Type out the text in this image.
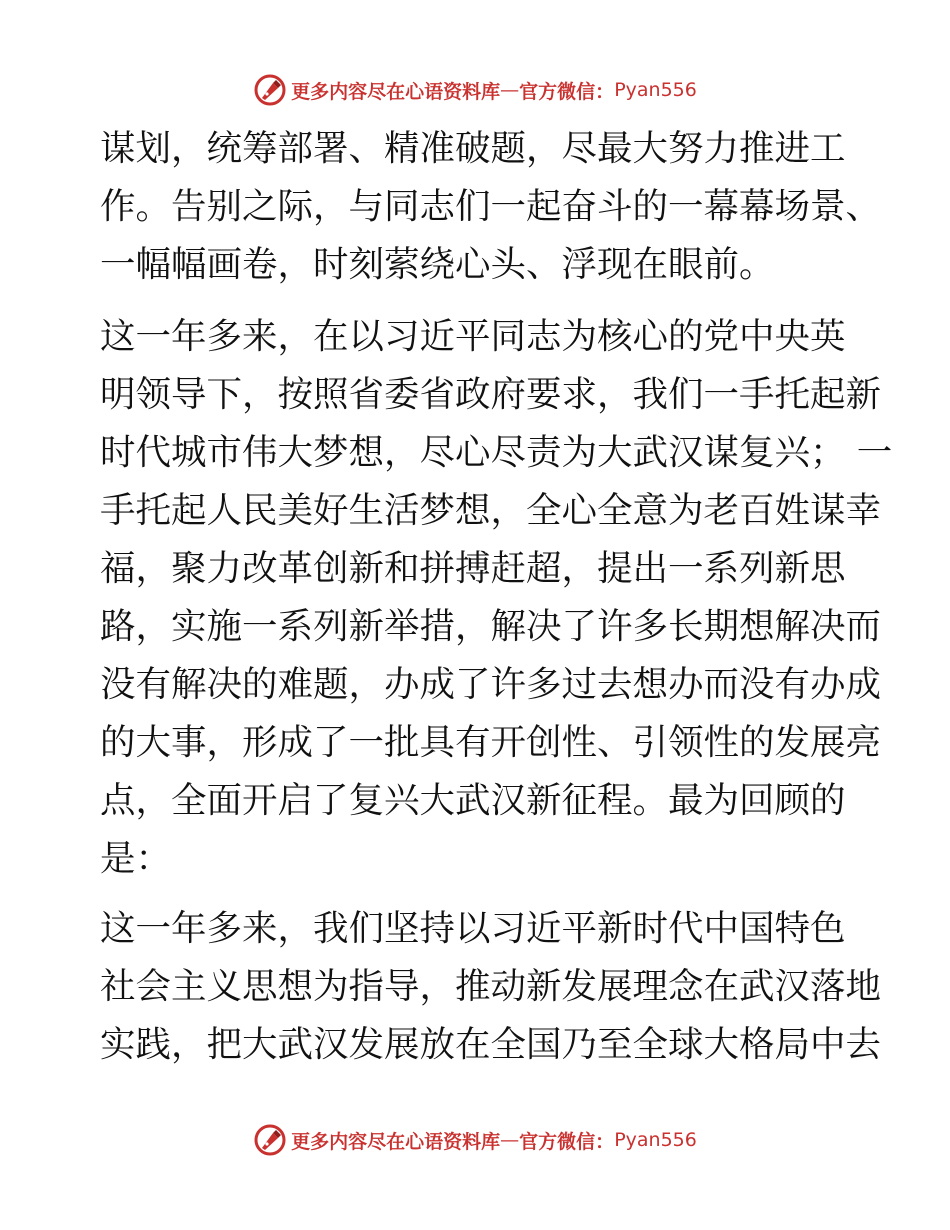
更多内容尽在心语资料库 — 官方微信： Pyan556

谋划，统筹部署、精准破题，尽最大努力推进工
作。告别之际，与同志们一起奋斗的一幕幕场景、
一幅幅画卷，时刻萦绕心头、浮现在眼前。

这一年多来，在以习近平同志为核心的党中央英
明领导下，按照省委省政府要求，我们一手托起新
时代城市伟大梦想，尽心尽责为大武汉谋复兴； 一
手托起人民美好生活梦想，全心全意为老百姓谋幸
福，聚力改革创新和拼搏赶超，提出一系列新思
路，实施一系列新举措，解决了许多长期想解决而
没有解决的难题，办成了许多过去想办而没有办成
的大事，形成了一批具有开创性、引领性的发展亮
点，全面开启了复兴大武汉新征程。最为回顾的
是：

这一年多来，我们坚持以习近平新时代中国特色
社会主义思想为指导，推动新发展理念在武汉落地
实践，把大武汉发展放在全国乃至全球大格局中去

更多内容尽在心语资料库 — 官方微信： Pyan556
